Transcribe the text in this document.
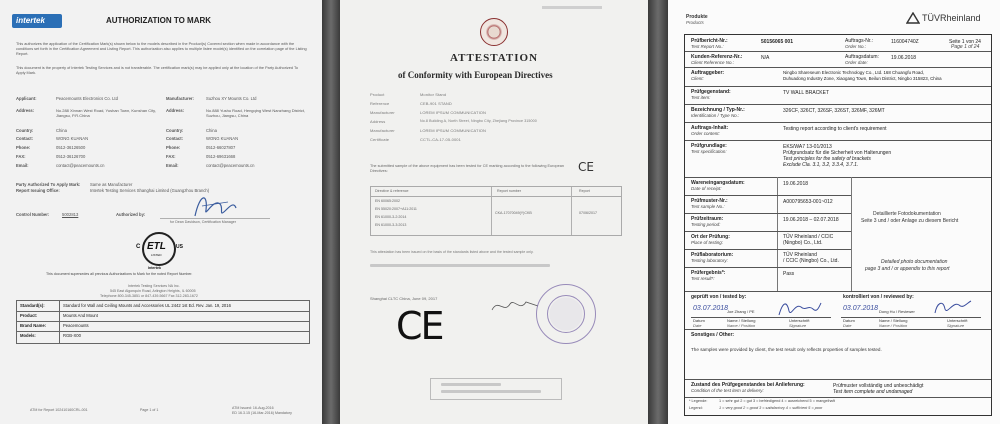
intertek	AUTHORIZATION TO MARK
This authorizes the application of the Certification Mark(s) shown below to the models described in the Product(s) Covered section when made in accordance with the conditions set forth in the Certification Agreement and Listing Report. This authorization also applies to multiple listee model(s) identified on the correlation page of the Listing Report.
This document is the property of Intertek Testing Services and is not transferable. The certification mark(s) may be applied only at the location of the Party Authorized To Apply Mark.
Applicant:	Peacemounts Electronics Co. Ltd	Manufacturer:	Suzhou XY Mounts Co. Ltd
Address:	No.288 Xinnan West Road, Yushan Town, Kunshan City, Jiangsu, P.R.China
Address:	No.888 Yushu Road, Hengqing West Nanzhang District, Suzhou, Jiangsu, China
Country:	China	Country:	China
Contact:	WONG KUANAN	Contact:	WONG KUANAN
Phone:	0512-36126500	Phone:	0512-66027807
FAX:	0512-36126700	FAX:	0512-69631668
Email:	contact@peacemounts.cn	Email:	contact@peacemounts.cn
Party Authorized To Apply Mark: Same as Manufacturer
Report Issuing Office:	Intertek Testing Services Shanghai Limited (Guangzhou Branch)
Control Number:	5002813	Authorized by:
for Dean Davidson, Certification Manager
ETL
LISTED
C	US
Intertek
This document supersedes all previous Authorizations to Mark for the noted Report Number.
Intertek Testing Services NA Inc.
545 East Algonquin Road, Arlington Heights, IL 60005
Telephone 800-345-3851 or 847-439-5667 Fax 312-283-1672
Standard(s):	Standard for Wall and Ceiling Mounts and Accessories UL 2442 1st Ed. Rev. Jan. 19, 2016
Product:	Mounts And Mount
Brand Name:	Peacemounts
Models:	RGB-X00
ATM for Report 102410160CRL-001	Page 1 of 1	ATM Issued: 16-Aug-2016
ED 16.3.15 (16-Mar-2016) Mandatory
ATTESTATION
of Conformity with European Directives
Product	Monitor Stand
Reference	CEB-901 STAND
Manufacturer	LOREM IPSUM COMMUNICATION
Address	No.8 Building A, North Street, Ningbo City, Zhejiang Province 315000
Manufacturer	LOREM IPSUM COMMUNICATION
Certificate	CCTL-CA-17-05-0001
The submitted sample of the above equipment has been tested for CE marking according to the following European Directives:	CE
Directive & reference	Report number	Report
EN 60065:2002
EN 55020:2007+A11:2011
CKA-17070049(Y)CKB	07/06/2017
EN 61000-3-2:2014
EN 61000-3-3:2013
This attestation has been issued on the basis of the standards listed above and the tested sample only.
Shanghai CLTC China, June 09, 2017
CE
Produkte
Products	TÜVRheinland
Prüfbericht-Nr.:
Test Report No.:
50156065 001	Auftrags-Nr.:
Order No.:
116004740Z	Seite 1 von 24
Page 1 of 24
Kunden-Referenz-Nr.:
Client Reference No.:
N/A	Auftragsdatum:
Order date:
19.06.2018
Auftraggeber:
Client:
Ningbo Shareseum Electronic Technology Co., Ltd. 168 Chuangfu Road,
Duhuadong Industry Zone, Xiaogang Town, Beilun District, Ningbo 315823, China
Prüfgegenstand:
Test item:
TV WALL BRACKET
Bezeichnung / Typ-Nr.:
Identification / Type No.:
326CF, 326CT, 326SF, 326ST, 326MF, 326MT
Auftrags-Inhalt:
Order content:
Testing report according to client's requirement
Prüfgrundlage:
Test specification:
EKS/WA7 13-01/2013
Prüfgrundsatz für die Sicherheit von Halterungen
Test principles for the safety of brackets
Exclude Cla. 3.1, 3.2, 3.3.4, 3.7.1.
Wareneingangsdatum:
Date of receipt:
19.06.2018
Prüfmuster-Nr.:
Test sample No.:
A000795653-001~012
Detaillierte Fotodokumentation
Seite 3 und / oder Anlage zu diesem Bericht
Prüfzeitraum:
Testing period:
19.06.2018 – 02.07.2018
Ort der Prüfung:
Place of testing:
TÜV Rheinland / CCIC
(Ningbo) Co., Ltd.
Prüflaboratorium:
Testing laboratory:
TÜV Rheinland
/ CCIC (Ningbo) Co., Ltd.	Detailed photo documentation
page 3 and / or appendix to this report
Prüfergebnis*:
Test result*:
Pass
geprüft von / tested by:	kontrolliert von / reviewed by:
03.07.2018
Joe Zhang / PE	03.07.2018 Dong Hu / Reviewer
Datum	Name / Stellung	Unterschrift
Date	Name / Position	Signature
Datum	Name / Stellung	Unterschrift
Date	Name / Position	Signature
Sonstiges / Other:
The samples were provided by client, the test result only reflects properties of samples tested.
Zustand des Prüfgegenstandes bei Anlieferung:
Condition of the test item at delivery:
Prüfmuster vollständig und unbeschädigt
Test item complete and undamaged
* Legende:	1 = sehr gut 2 = gut 3 = befriedigend 4 = ausreichend 5 = mangelhaft
Legend:	1 = very good 2 = good 3 = satisfactory 4 = sufficient 5 = poor
